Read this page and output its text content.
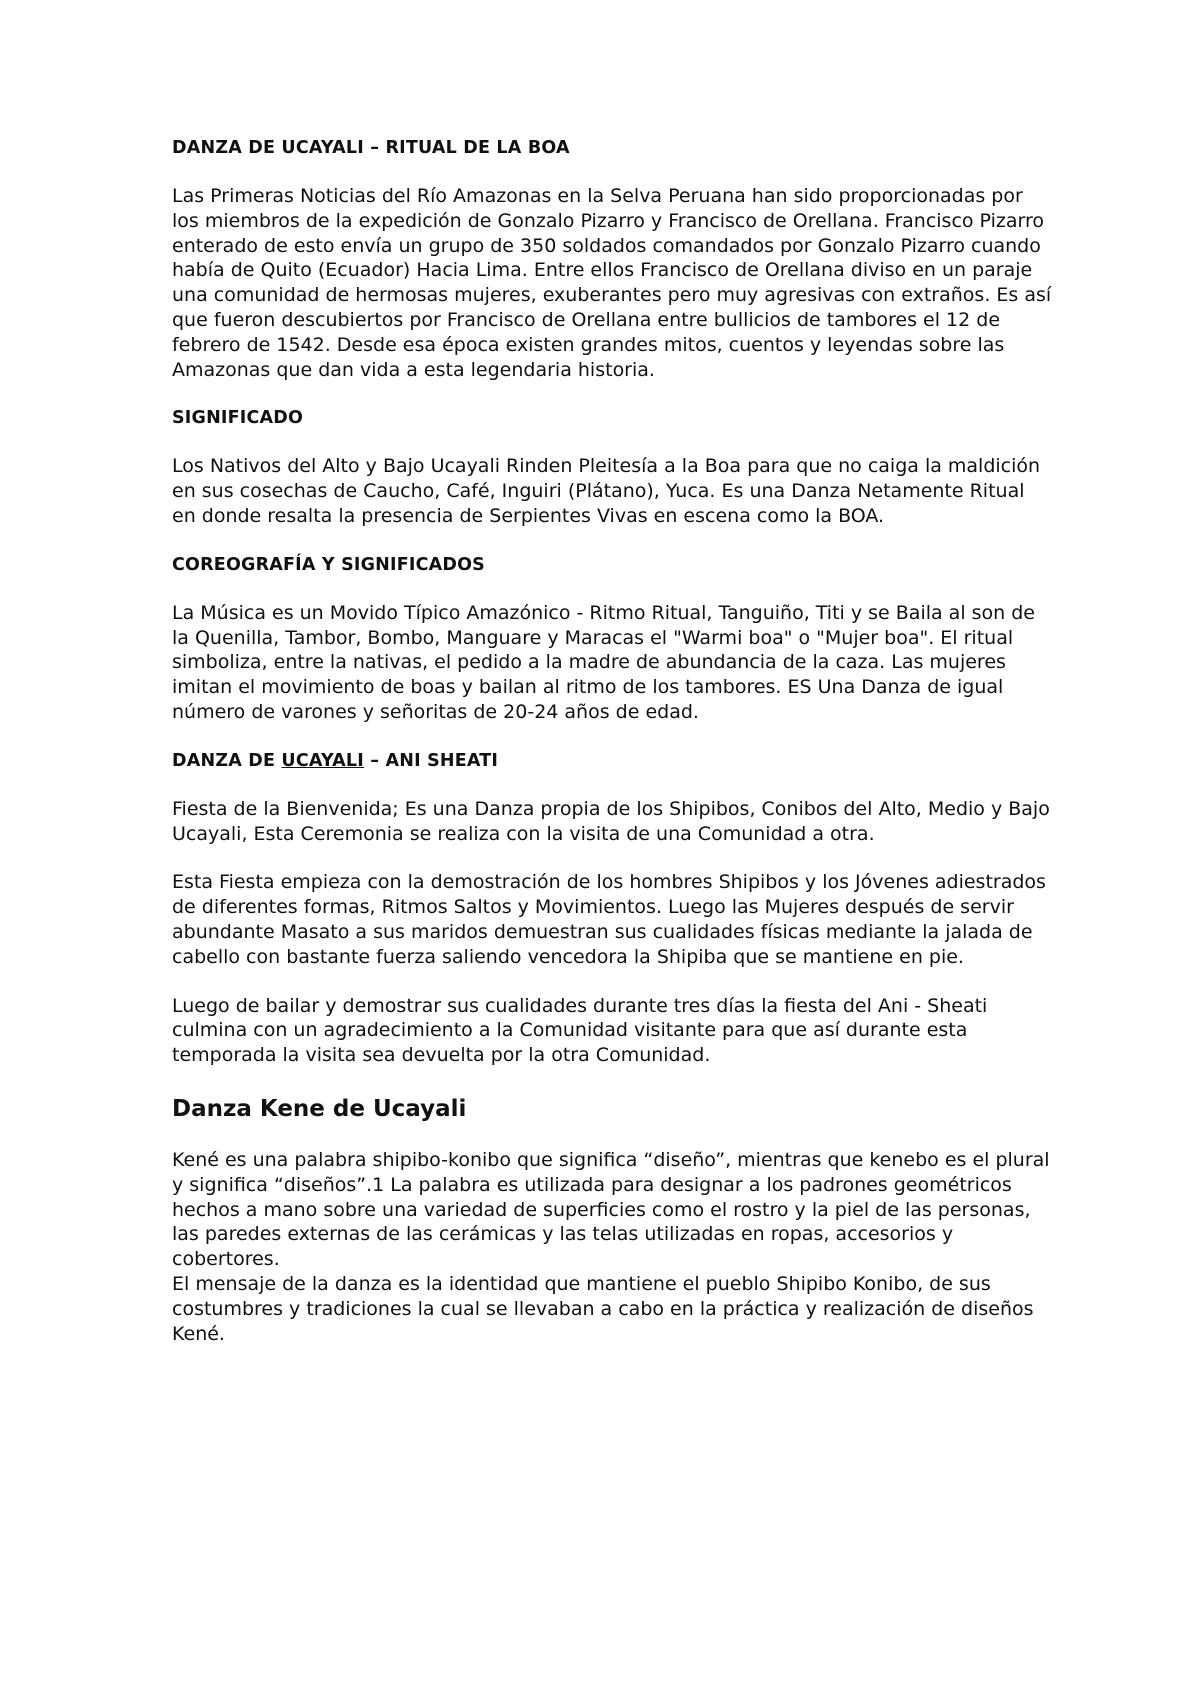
DANZA DE UCAYALI – RITUAL DE LA BOA

Las Primeras Noticias del Río Amazonas en la Selva Peruana han sido proporcionadas por los miembros de la expedición de Gonzalo Pizarro y Francisco de Orellana. Francisco Pizarro enterado de esto envía un grupo de 350 soldados comandados por Gonzalo Pizarro cuando había de Quito (Ecuador) Hacia Lima. Entre ellos Francisco de Orellana diviso en un paraje una comunidad de hermosas mujeres, exuberantes pero muy agresivas con extraños. Es así que fueron descubiertos por Francisco de Orellana entre bullicios de tambores el 12 de febrero de 1542. Desde esa época existen grandes mitos, cuentos y leyendas sobre las Amazonas que dan vida a esta legendaria historia.

SIGNIFICADO

Los Nativos del Alto y Bajo Ucayali Rinden Pleitesía a la Boa para que no caiga la maldición en sus cosechas de Caucho, Café, Inguiri (Plátano), Yuca. Es una Danza Netamente Ritual en donde resalta la presencia de Serpientes Vivas en escena como la BOA.

COREOGRAFÍA Y SIGNIFICADOS

La Música es un Movido Típico Amazónico - Ritmo Ritual, Tanguiño, Titi y se Baila al son de la Quenilla, Tambor, Bombo, Manguare y Maracas el "Warmi boa" o "Mujer boa". El ritual simboliza, entre la nativas, el pedido a la madre de abundancia de la caza. Las mujeres imitan el movimiento de boas y bailan al ritmo de los tambores. ES Una Danza de igual número de varones y señoritas de 20-24 años de edad.

DANZA DE UCAYALI – ANI SHEATI

Fiesta de la Bienvenida; Es una Danza propia de los Shipibos, Conibos del Alto, Medio y Bajo Ucayali, Esta Ceremonia se realiza con la visita de una Comunidad a otra.

Esta Fiesta empieza con la demostración de los hombres Shipibos y los Jóvenes adiestrados de diferentes formas, Ritmos Saltos y Movimientos. Luego las Mujeres después de servir abundante Masato a sus maridos demuestran sus cualidades físicas mediante la jalada de cabello con bastante fuerza saliendo vencedora la Shipiba que se mantiene en pie.

Luego de bailar y demostrar sus cualidades durante tres días la fiesta del Ani - Sheati culmina con un agradecimiento a la Comunidad visitante para que así durante esta temporada la visita sea devuelta por la otra Comunidad.

Danza Kene de Ucayali

Kené es una palabra shipibo-konibo que significa “diseño”, mientras que kenebo es el plural y significa “diseños”.1 La palabra es utilizada para designar a los padrones geométricos hechos a mano sobre una variedad de superficies como el rostro y la piel de las personas, las paredes externas de las cerámicas y las telas utilizadas en ropas, accesorios y cobertores.

El mensaje de la danza es la identidad que mantiene el pueblo Shipibo Konibo, de sus costumbres y tradiciones la cual se llevaban a cabo en la práctica y realización de diseños Kené.
